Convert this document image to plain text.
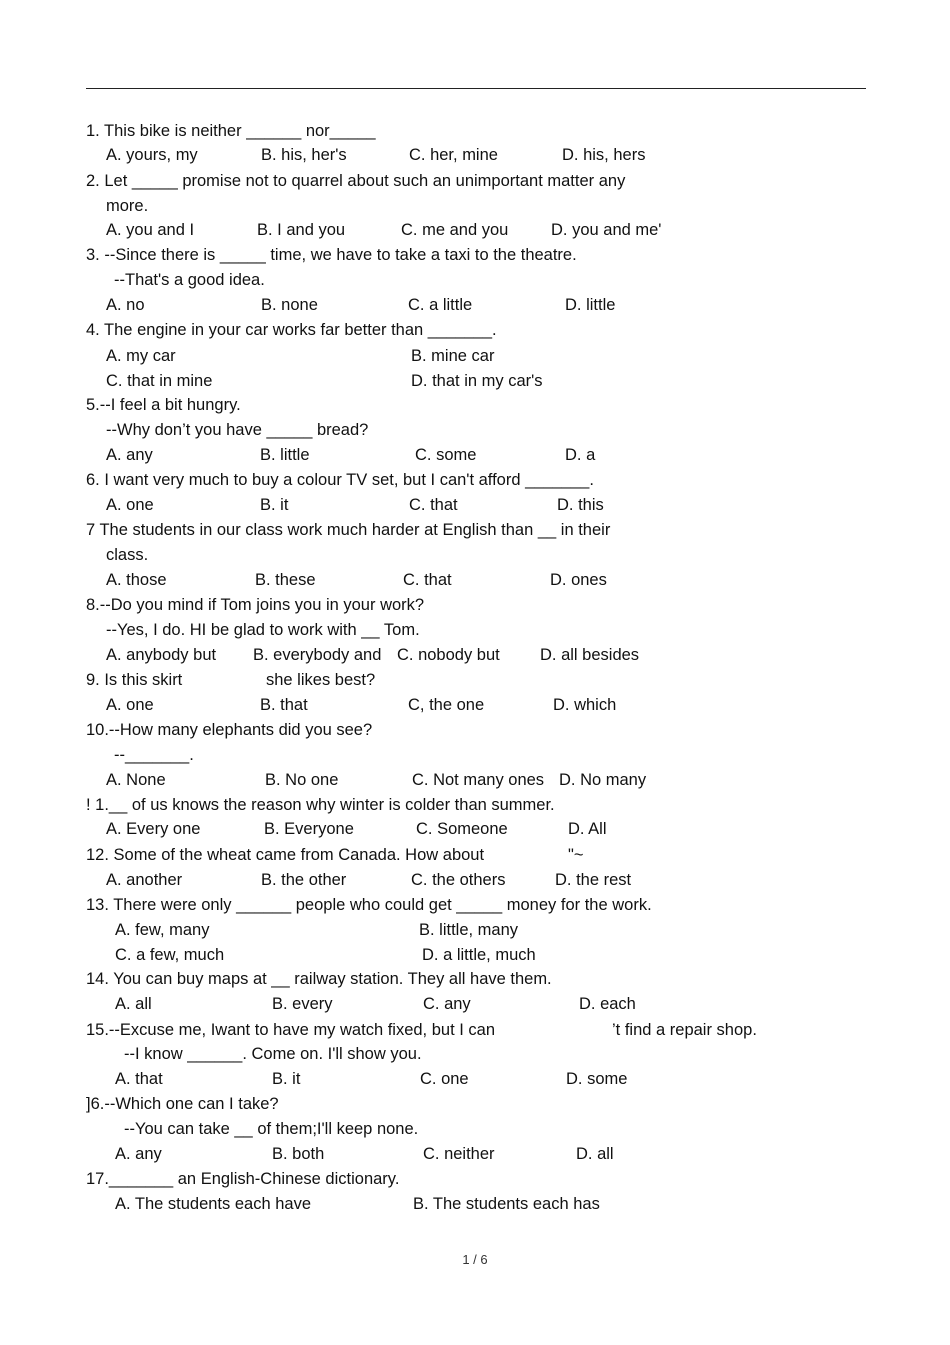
1. This bike is neither ______ nor_____

A. yours, my

	B. his, her's

	C. her, mine

	D. his, hers

2. Let _____ promise not to quarrel about such an unimportant matter any
more.

A. you and I

	B. I and you

	C. me and you

	D. you and me'

3. --Since there is _____ time, we have to take a taxi to the theatre.
--That's a good idea.

A. no

	B. none

	C. a little

	D. little

4. The engine in your car works far better than _______.

A. my car

	B. mine car

C. that in mine

	D. that in my car's

5.--I feel a bit hungry.
--Why don’t you have _____ bread?

A. any

	B. little

	C. some

	D. a

6. I want very much to buy a colour TV set, but I can't afford _______.

A. one

	B. it

	C. that

	D. this

7 The students in our class work much harder at English than __ in their
class.

A. those

	B. these

	C. that

	D. ones

8.--Do you mind if Tom joins you in your work?
--Yes, I do. HI be glad to work with __ Tom.

A. anybody but

B. everybody and

C. nobody but

D. all besides

9. Is this skirt

	she likes best?

A. one

	B. that

	C, the one

	D. which

10.--How many elephants did you see?
--_______.

A. None

	B. No one

	C. Not many ones

D. No many

! 1.__ of us knows the reason why winter is colder than summer.

A. Every one

	B. Everyone

	C. Someone

	D. All

12. Some of the wheat came from Canada. How about

	"~

A. another

	B. the other

	C. the others

	D. the rest

13. There were only ______ people who could get _____ money for the work.

A. few, many

	B. little, many

C. a few, much

	D. a little, much

14. You can buy maps at __ railway station. They all have them.

A. all

	B. every

	C. any

	D. each

15.--Excuse me, Iwant to have my watch fixed, but I can

	’t find a repair shop.

--I know ______. Come on. I'll show you.

A. that

	B. it

	C. one

	D. some

]6.--Which one can I take?
--You can take __ of them;I'll keep none.

A. any

	B. both

	C. neither

	D. all

17._______ an English-Chinese dictionary.

A. The students each have

	B. The students each has

1 / 6
